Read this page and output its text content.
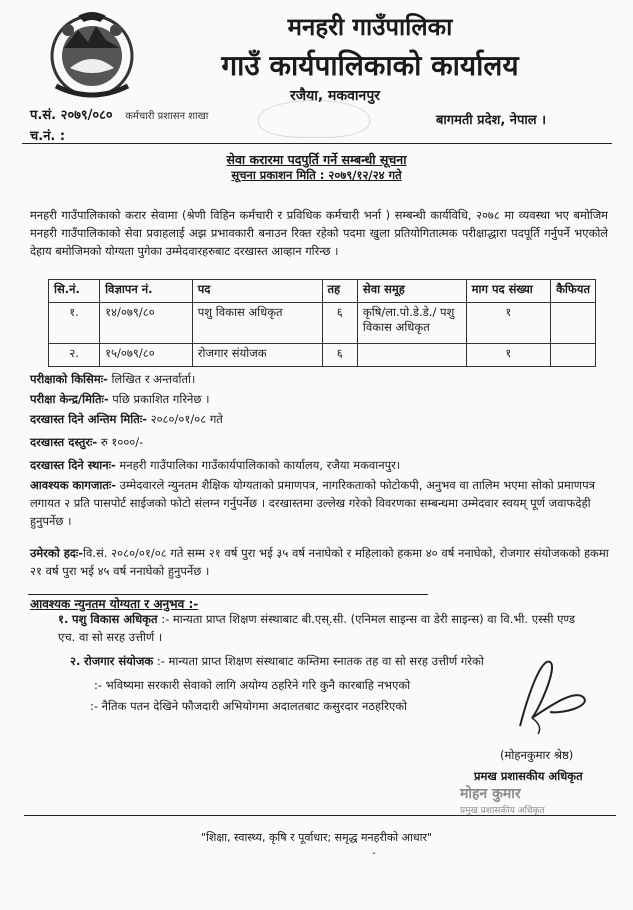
मनहरी गाउँपालिका
गाउँ कार्यपालिकाको कार्यालय
रजैया, मकवानपुर
प.सं. २०७९/०८० कर्मचारी प्रशासन शाखा
च.नं. :
बागमती प्रदेश, नेपाल ।
सेवा करारमा पदपुर्ति गर्ने सम्बन्धी सूचना
सूचना प्रकाशन मिति : २०७९/१२/२४ गते
मनहरी गाउँपालिकाको करार सेवामा (श्रेणी विहिन कर्मचारी र प्रविधिक कर्मचारी भर्ना ) सम्बन्धी कार्यविधि, २०७८ मा व्यवस्था भए बमोजिम मनहरी गाउँपालिकाको सेवा प्रवाहलाई अझ प्रभावकारी बनाउन रिक्त रहेको पदमा खुला प्रतियोगितात्मक परीक्षाद्धारा पदपूर्ति गर्नुपर्ने भएकोले देहाय बमोजिमको योग्यता पुगेका उम्मेदवारहरुबाट दरखास्त आव्हान गरिन्छ ।
सि.नं.	विज्ञापन नं.	पद	तह	सेवा समूह	माग पद संख्या	कैफियत
१.	१४/०७९/८०	पशु विकास अधिकृत	६	कृषि/ला.पो.डे.डे./ पशु विकास अधिकृत	१	
२.	१५/०७९/८०	रोजगार संयोजक	६		१	
परीक्षाको किसिमः- लिखित र अन्तर्वार्ता।
परीक्षा केन्द्र/मितिः- पछि प्रकाशित गरिनेछ ।
दरखास्त दिने अन्तिम मितिः- २०८०/०१/०८ गते
दरखास्त दस्तुरः- रु १०००/-
दरखास्त दिने स्थानः- मनहरी गाउँपालिका गाउँकार्यपालिकाको कार्यालय, रजैया मकवानपुर।
आवश्यक कागजातः- उम्मेदवारले न्युनतम शैक्षिक योग्यताको प्रमाणपत्र, नागरिकताको फोटोकपी, अनुभव वा तालिम भएमा सोको प्रमाणपत्र लगायत २ प्रति पासपोर्ट साईजको फोटो संलग्न गर्नुपर्नेछ । दरखास्तमा उल्लेख गरेको विवरणका सम्बन्धमा उम्मेदवार स्वयम् पूर्ण जवाफदेही हुनुपर्नेछ ।
उमेरको हदः-वि.सं. २०८०/०१/०८ गते सम्म २१ वर्ष पुरा भई ३५ वर्ष ननाघेको र महिलाको हकमा ४० वर्ष ननाघेको, रोजगार संयोजकको हकमा २१ वर्ष पुरा भई ४५ वर्ष ननाघेको हुनुपर्नेछ ।
आवश्यक न्युनतम योग्यता र अनुभव :-
१. पशु विकास अधिकृत :- मान्यता प्राप्त शिक्षण संस्थाबाट बी.एस्.सी. (एनिमल साइन्स वा डेरी साइन्स) वा वि.भी. एस्सी एण्ड एच. वा सो सरह उत्तीर्ण ।
२. रोजगार संयोजक :- मान्यता प्राप्त शिक्षण संस्थाबाट कम्तिमा स्नातक तह वा सो सरह उत्तीर्ण गरेको
:- भविष्यमा सरकारी सेवाको लागि अयोग्य ठहरिने गरि कुनै कारबाहि नभएको
:- नैतिक पतन देखिने फौजदारी अभियोगमा अदालतबाट कसुरदार नठहरिएको
(मोहनकुमार श्रेष्ठ)
प्रमख प्रशासकीय अधिकृत
मोहन कुमार
प्रमुख प्रशासकीय अधिकृत
"शिक्षा, स्वास्थ्य, कृषि र पूर्वाधार; समृद्ध मनहरीको आधार"
-
